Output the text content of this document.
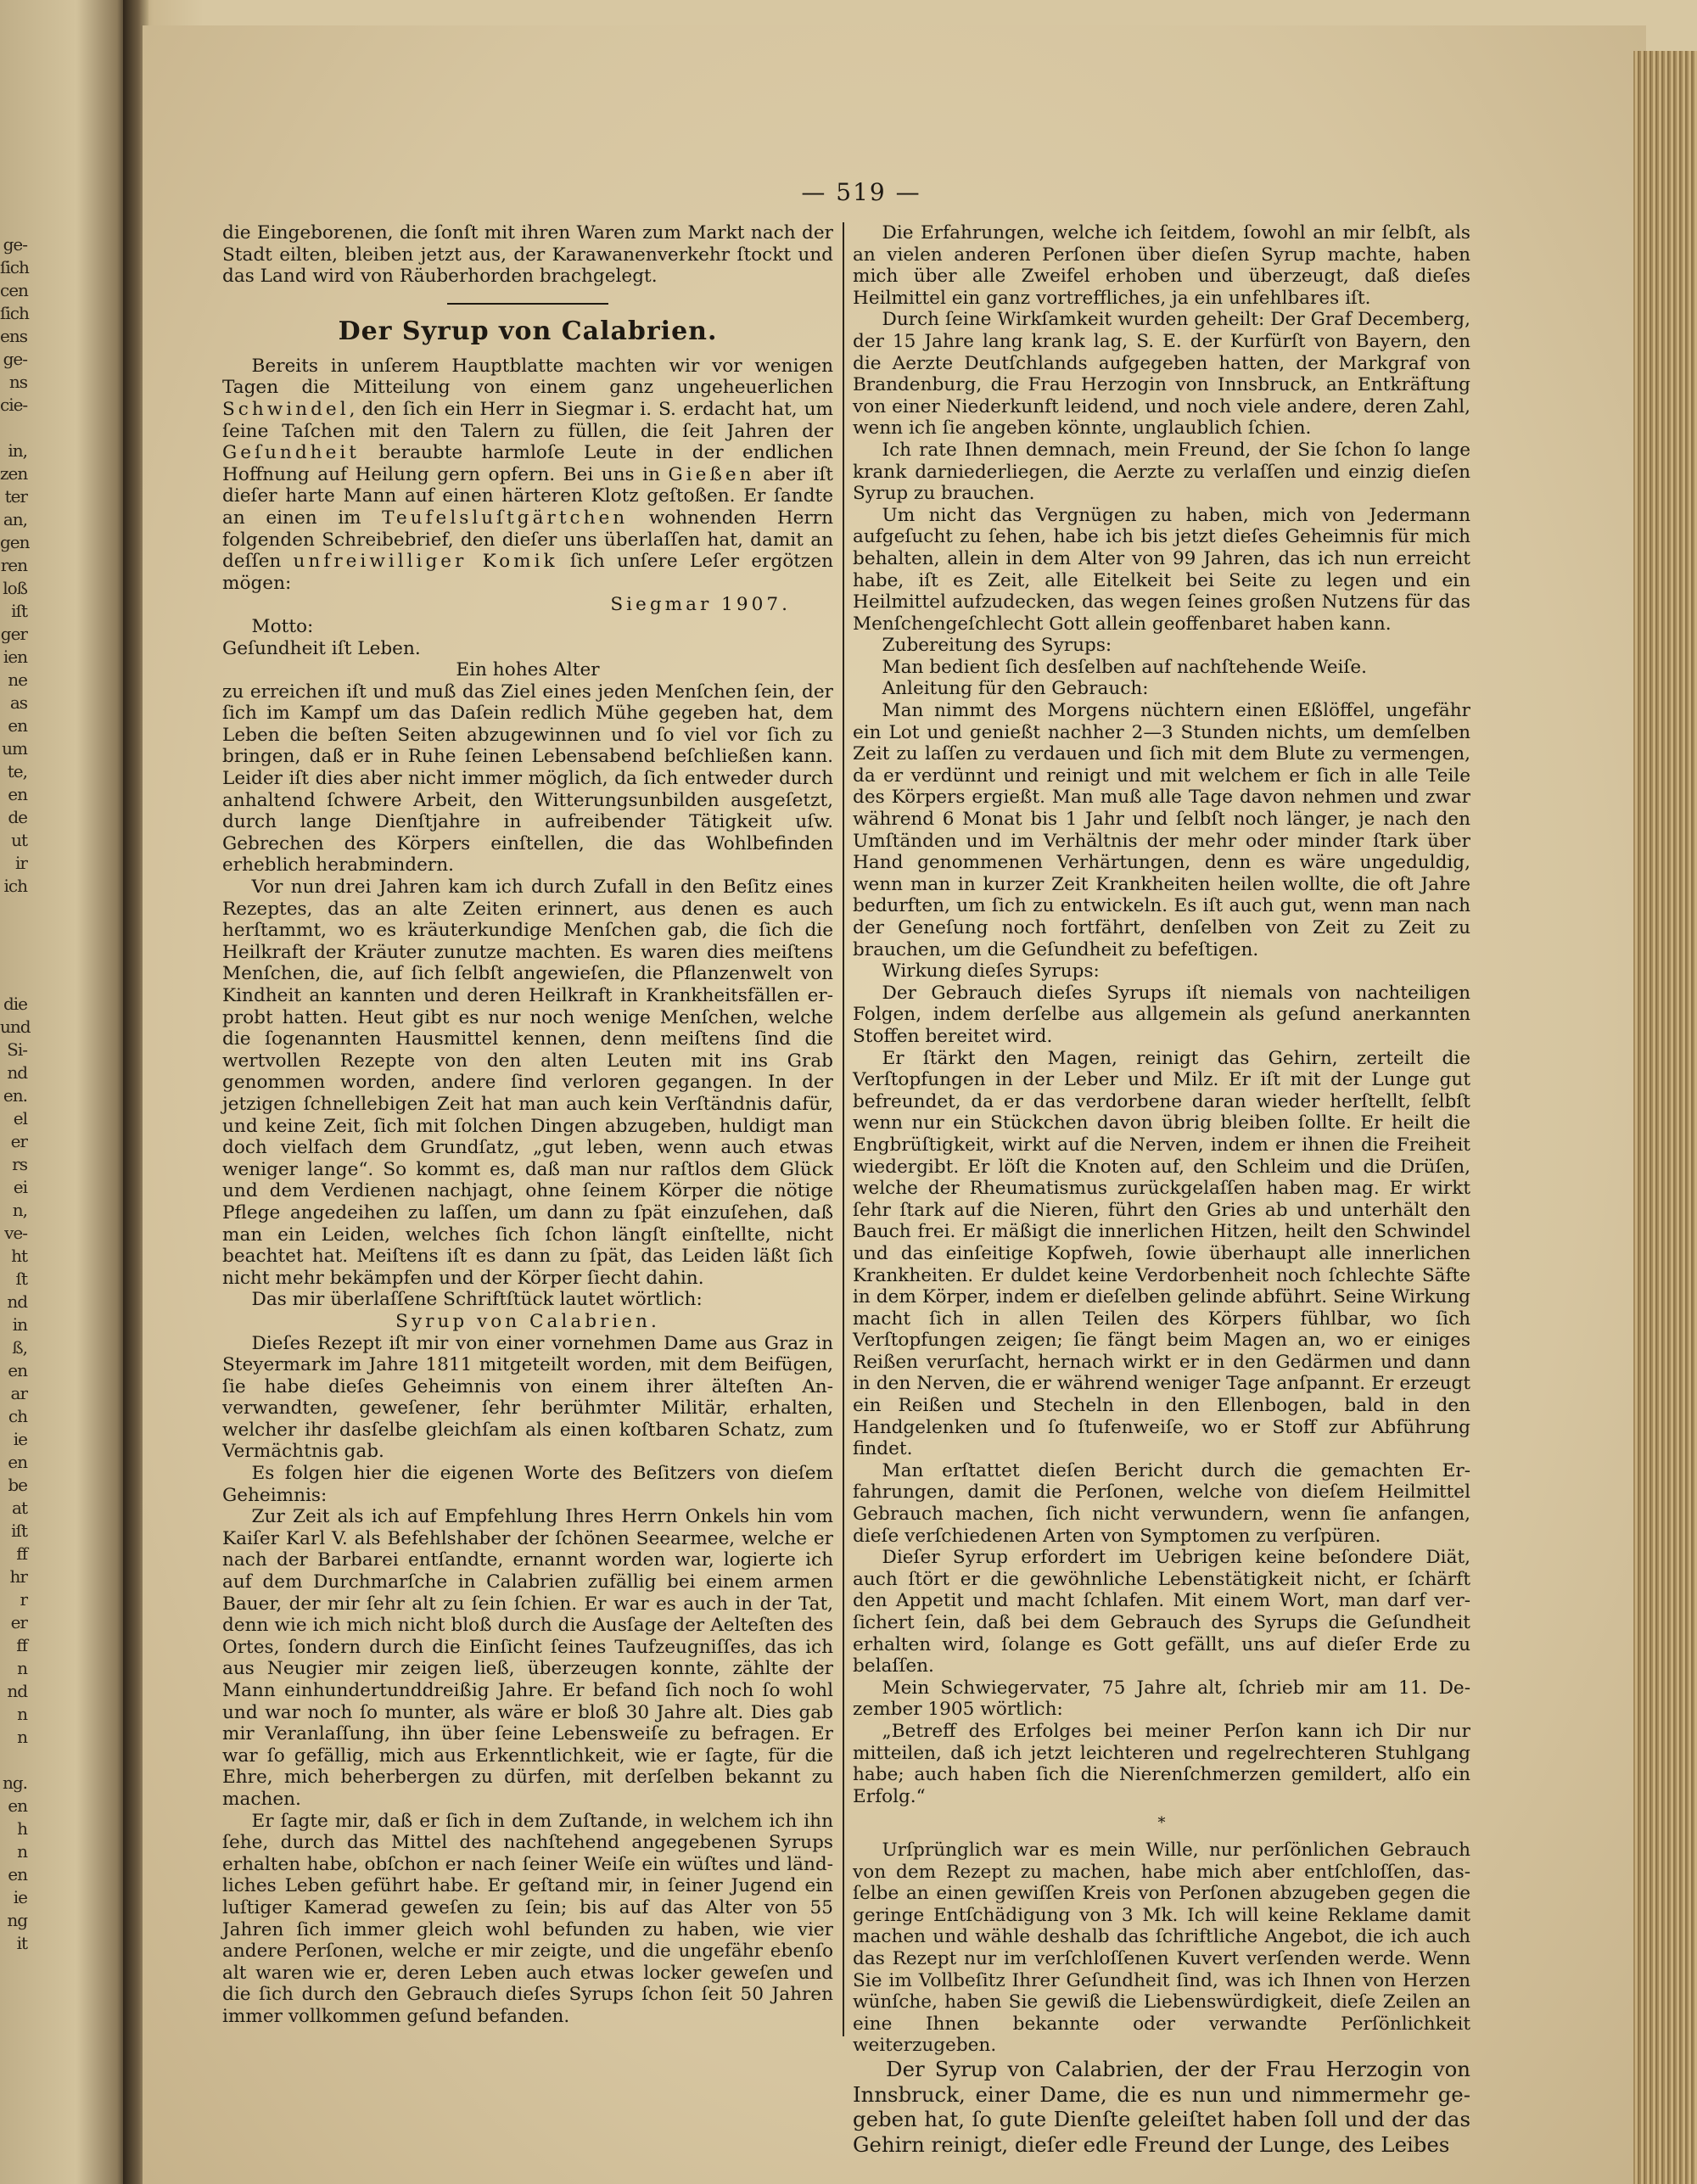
— 519 —

die Eingeborenen, die ſonſt mit ihren Waren zum Markt nach der Stadt eilten, bleiben jetzt aus, der Karawanenverkehr ſtockt und das Land wird von Räuberhorden brachgelegt.

Der Syrup von Calabrien.

Bereits in unſerem Hauptblatte machten wir vor wenigen Tagen die Mitteilung von einem ganz ungeheuerlichen Schwindel, den ſich ein Herr in Siegmar i. S. erdacht hat, um ſeine Taſchen mit den Talern zu füllen, die ſeit Jahren der Geſundheit beraubte harmloſe Leute in der endlichen Hoffnung auf Heilung gern opfern. Bei uns in Gießen aber iſt dieſer harte Mann auf einen härteren Klotz geſtoßen. Er ſandte an einen im Teufelsluſtgärtchen wohnenden Herrn folgenden Schreibebrief, den dieſer uns überlaſſen hat, damit an deſſen unfreiwilliger Komik ſich unſere Leſer ergötzen mögen:

Siegmar 1907.

Motto:

Geſundheit iſt Leben.

Ein hohes Alter

zu erreichen iſt und muß das Ziel eines jeden Menſchen ſein, der ſich im Kampf um das Daſein redlich Mühe gegeben hat, dem Leben die beſten Seiten abzugewinnen und ſo viel vor ſich zu bringen, daß er in Ruhe ſeinen Lebensabend beſchließen kann. Leider iſt dies aber nicht immer möglich, da ſich entweder durch anhaltend ſchwere Arbeit, den Witterungsunbilden ausgeſetzt, durch lange Dienſtjahre in aufreibender Tätigkeit uſw. Gebrechen des Körpers einſtellen, die das Wohlbefinden erheblich herabmindern.

Vor nun drei Jahren kam ich durch Zufall in den Beſitz eines Rezeptes, das an alte Zeiten erinnert, aus denen es auch herſtammt, wo es kräuterkundige Menſchen gab, die ſich die Heilkraft der Kräuter zunutze machten. Es waren dies meiſtens Menſchen, die, auf ſich ſelbſt angewieſen, die Pflanzenwelt von Kindheit an kannten und deren Heilkraft in Krankheitsfällen erprobt hatten. Heut gibt es nur noch wenige Menſchen, welche die ſogenannten Hausmittel kennen, denn meiſtens ſind die wertvollen Rezepte von den alten Leuten mit ins Grab genommen worden, andere ſind verloren gegangen. In der jetzigen ſchnellebigen Zeit hat man auch kein Verſtändnis dafür, und keine Zeit, ſich mit ſolchen Dingen abzugeben, huldigt man doch vielfach dem Grundſatz, „gut leben, wenn auch etwas weniger lange“. So kommt es, daß man nur raſtlos dem Glück und dem Verdienen nachjagt, ohne ſeinem Körper die nötige Pflege angedeihen zu laſſen, um dann zu ſpät einzuſehen, daß man ein Leiden, welches ſich ſchon längſt einſtellte, nicht beachtet hat. Meiſtens iſt es dann zu ſpät, das Leiden läßt ſich nicht mehr bekämpfen und der Körper ſiecht dahin.

Das mir überlaſſene Schriftſtück lautet wörtlich:

Syrup von Calabrien.

Dieſes Rezept iſt mir von einer vornehmen Dame aus Graz in Steyermark im Jahre 1811 mitgeteilt worden, mit dem Beifügen, ſie habe dieſes Geheimnis von einem ihrer älteſten Anverwandten, geweſener, ſehr berühmter Militär, erhalten, welcher ihr dasſelbe gleichſam als einen koſtbaren Schatz, zum Vermächtnis gab.

Es folgen hier die eigenen Worte des Beſitzers von dieſem Geheimnis:

Zur Zeit als ich auf Empfehlung Ihres Herrn Onkels hin vom Kaiſer Karl V. als Befehlshaber der ſchönen Seearmee, welche er nach der Barbarei entſandte, ernannt worden war, logierte ich auf dem Durchmarſche in Calabrien zufällig bei einem armen Bauer, der mir ſehr alt zu ſein ſchien. Er war es auch in der Tat, denn wie ich mich nicht bloß durch die Ausſage der Aelteſten des Ortes, ſondern durch die Einſicht ſeines Taufzeugniſſes, das ich aus Neugier mir zeigen ließ, überzeugen konnte, zählte der Mann einhundertunddreißig Jahre. Er befand ſich noch ſo wohl und war noch ſo munter, als wäre er bloß 30 Jahre alt. Dies gab mir Veranlaſſung, ihn über ſeine Lebensweiſe zu befragen. Er war ſo gefällig, mich aus Erkenntlichkeit, wie er ſagte, für die Ehre, mich beherbergen zu dürfen, mit derſelben bekannt zu machen.

Er ſagte mir, daß er ſich in dem Zuſtande, in welchem ich ihn ſehe, durch das Mittel des nachſtehend angegebenen Syrups erhalten habe, obſchon er nach ſeiner Weiſe ein wüſtes und ländliches Leben geführt habe. Er geſtand mir, in ſeiner Jugend ein luſtiger Kamerad geweſen zu ſein; bis auf das Alter von 55 Jahren ſich immer gleich wohl befunden zu haben, wie vier andere Perſonen, welche er mir zeigte, und die ungefähr ebenſo alt waren wie er, deren Leben auch etwas locker geweſen und die ſich durch den Gebrauch dieſes Syrups ſchon ſeit 50 Jahren immer vollkommen geſund befanden.

Die Erfahrungen, welche ich ſeitdem, ſowohl an mir ſelbſt, als an vielen anderen Perſonen über dieſen Syrup machte, haben mich über alle Zweifel erhoben und überzeugt, daß dieſes Heilmittel ein ganz vortreffliches, ja ein unfehlbares iſt.

Durch ſeine Wirkſamkeit wurden geheilt: Der Graf Decemberg, der 15 Jahre lang krank lag, S. E. der Kurfürſt von Bayern, den die Aerzte Deutſchlands aufgegeben hatten, der Markgraf von Brandenburg, die Frau Herzogin von Innsbruck, an Entkräftung von einer Niederkunft leidend, und noch viele andere, deren Zahl, wenn ich ſie angeben könnte, unglaublich ſchien.

Ich rate Ihnen demnach, mein Freund, der Sie ſchon ſo lange krank darniederliegen, die Aerzte zu verlaſſen und einzig dieſen Syrup zu brauchen.

Um nicht das Vergnügen zu haben, mich von Jedermann aufgeſucht zu ſehen, habe ich bis jetzt dieſes Geheimnis für mich behalten, allein in dem Alter von 99 Jahren, das ich nun erreicht habe, iſt es Zeit, alle Eitelkeit bei Seite zu legen und ein Heilmittel aufzudecken, das wegen ſeines großen Nutzens für das Menſchengeſchlecht Gott allein geoffenbaret haben kann.

Zubereitung des Syrups:

Man bedient ſich desſelben auf nachſtehende Weiſe.

Anleitung für den Gebrauch:

Man nimmt des Morgens nüchtern einen Eßlöffel, ungefähr ein Lot und genießt nachher 2—3 Stunden nichts, um demſelben Zeit zu laſſen zu verdauen und ſich mit dem Blute zu vermengen, da er verdünnt und reinigt und mit welchem er ſich in alle Teile des Körpers ergießt. Man muß alle Tage davon nehmen und zwar während 6 Monat bis 1 Jahr und ſelbſt noch länger, je nach den Umſtänden und im Verhältnis der mehr oder minder ſtark über Hand genommenen Verhärtungen, denn es wäre ungeduldig, wenn man in kurzer Zeit Krankheiten heilen wollte, die oft Jahre bedurften, um ſich zu entwickeln. Es iſt auch gut, wenn man nach der Geneſung noch fortfährt, denſelben von Zeit zu Zeit zu brauchen, um die Geſundheit zu befeſtigen.

Wirkung dieſes Syrups:

Der Gebrauch dieſes Syrups iſt niemals von nachteiligen Folgen, indem derſelbe aus allgemein als geſund anerkannten Stoffen bereitet wird.

Er ſtärkt den Magen, reinigt das Gehirn, zerteilt die Verſtopfungen in der Leber und Milz. Er iſt mit der Lunge gut befreundet, da er das verdorbene daran wieder herſtellt, ſelbſt wenn nur ein Stückchen davon übrig bleiben ſollte. Er heilt die Engbrüſtigkeit, wirkt auf die Nerven, indem er ihnen die Freiheit wiedergibt. Er löſt die Knoten auf, den Schleim und die Drüſen, welche der Rheumatismus zurückgelaſſen haben mag. Er wirkt ſehr ſtark auf die Nieren, führt den Gries ab und unterhält den Bauch frei. Er mäßigt die innerlichen Hitzen, heilt den Schwindel und das einſeitige Kopfweh, ſowie überhaupt alle innerlichen Krankheiten. Er duldet keine Verdorbenheit noch ſchlechte Säfte in dem Körper, indem er dieſelben gelinde abführt. Seine Wirkung macht ſich in allen Teilen des Körpers fühlbar, wo ſich Verſtopfungen zeigen; ſie fängt beim Magen an, wo er einiges Reißen verurſacht, hernach wirkt er in den Gedärmen und dann in den Nerven, die er während weniger Tage anſpannt. Er erzeugt ein Reißen und Stecheln in den Ellenbogen, bald in den Handgelenken und ſo ſtufenweiſe, wo er Stoff zur Abführung findet.

Man erſtattet dieſen Bericht durch die gemachten Erfahrungen, damit die Perſonen, welche von dieſem Heilmittel Gebrauch machen, ſich nicht verwundern, wenn ſie anfangen, dieſe verſchiedenen Arten von Symptomen zu verſpüren.

Dieſer Syrup erfordert im Uebrigen keine beſondere Diät, auch ſtört er die gewöhnliche Lebenstätigkeit nicht, er ſchärft den Appetit und macht ſchlafen. Mit einem Wort, man darf verſichert ſein, daß bei dem Gebrauch des Syrups die Geſundheit erhalten wird, ſolange es Gott gefällt, uns auf dieſer Erde zu belaſſen.

Mein Schwiegervater, 75 Jahre alt, ſchrieb mir am 11. Dezember 1905 wörtlich:

„Betreff des Erfolges bei meiner Perſon kann ich Dir nur mitteilen, daß ich jetzt leichteren und regelrechteren Stuhlgang habe; auch haben ſich die Nierenſchmerzen gemildert, alſo ein Erfolg.“

*

Urſprünglich war es mein Wille, nur perſönlichen Gebrauch von dem Rezept zu machen, habe mich aber entſchloſſen, dasſelbe an einen gewiſſen Kreis von Perſonen abzugeben gegen die geringe Entſchädigung von 3 Mk. Ich will keine Reklame damit machen und wähle deshalb das ſchriftliche Angebot, die ich auch das Rezept nur im verſchloſſenen Kuvert verſenden werde. Wenn Sie im Vollbeſitz Ihrer Geſundheit ſind, was ich Ihnen von Herzen wünſche, haben Sie gewiß die Liebenswürdigkeit, dieſe Zeilen an eine Ihnen bekannte oder verwandte Perſönlichkeit weiterzugeben.

Der Syrup von Calabrien, der der Frau Herzogin von Innsbruck, einer Dame, die es nun und nimmermehr gegeben hat, ſo gute Dienſte geleiſtet haben ſoll und der das Gehirn reinigt, dieſer edle Freund der Lunge, des Leibes

ge-
ſich
cen
ſich
ens
ge-
ns
cie-
in,
zen
ter
an,
gen
ren
loß
iſt
ger
ien
ne
as
en
um
te,
en
de
ut
ir
ich
die
und
Si-
nd
en.
el
er
rs
ei
n,
ve-
ht
ſt
nd
in
ß,
en
ar
ch
ie
en
be
at
iſt
ff
hr
r
er
ff
n
nd
n
n
ng.
en
h
n
en
ie
ng
it
